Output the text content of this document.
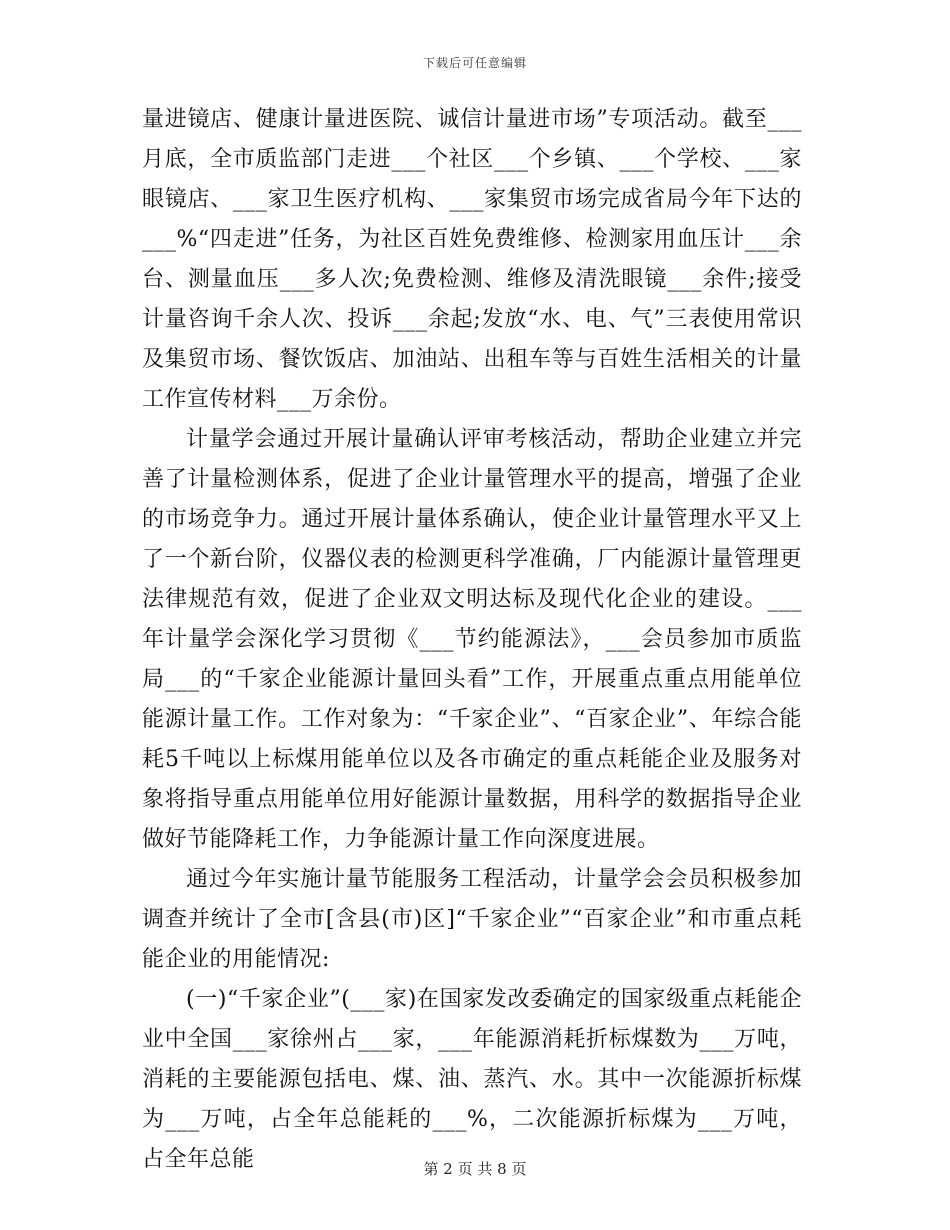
下载后可任意编辑

量进镜店、健康计量进医院、诚信计量进市场”专项活动。截至___月底，全市质监部门走进___个社区___个乡镇、___个学校、___家眼镜店、___家卫生医疗机构、___家集贸市场完成省局今年下达的___%“四走进”任务，为社区百姓免费维修、检测家用血压计___余台、测量血压___多人次;免费检测、维修及清洗眼镜___余件;接受计量咨询千余人次、投诉___余起;发放“水、电、气”三表使用常识及集贸市场、餐饮饭店、加油站、出租车等与百姓生活相关的计量工作宣传材料___万余份。

计量学会通过开展计量确认评审考核活动，帮助企业建立并完善了计量检测体系，促进了企业计量管理水平的提高，增强了企业的市场竞争力。通过开展计量体系确认，使企业计量管理水平又上了一个新台阶，仪器仪表的检测更科学准确，厂内能源计量管理更法律规范有效，促进了企业双文明达标及现代化企业的建设。___年计量学会深化学习贯彻《___节约能源法》，___会员参加市质监局___的“千家企业能源计量回头看”工作，开展重点重点用能单位能源计量工作。工作对象为：“千家企业”、“百家企业”、年综合能耗5千吨以上标煤用能单位以及各市确定的重点耗能企业及服务对象将指导重点用能单位用好能源计量数据，用科学的数据指导企业做好节能降耗工作，力争能源计量工作向深度进展。

通过今年实施计量节能服务工程活动，计量学会会员积极参加调查并统计了全市[含县(市)区]“千家企业”“百家企业”和市重点耗能企业的用能情况:

(一)“千家企业”(___家)在国家发改委确定的国家级重点耗能企业中全国___家徐州占___家，___年能源消耗折标煤数为___万吨，消耗的主要能源包括电、煤、油、蒸汽、水。其中一次能源折标煤为___万吨，占全年总能耗的___%，二次能源折标煤为___万吨，占全年总能	第 2 页 共 8 页
